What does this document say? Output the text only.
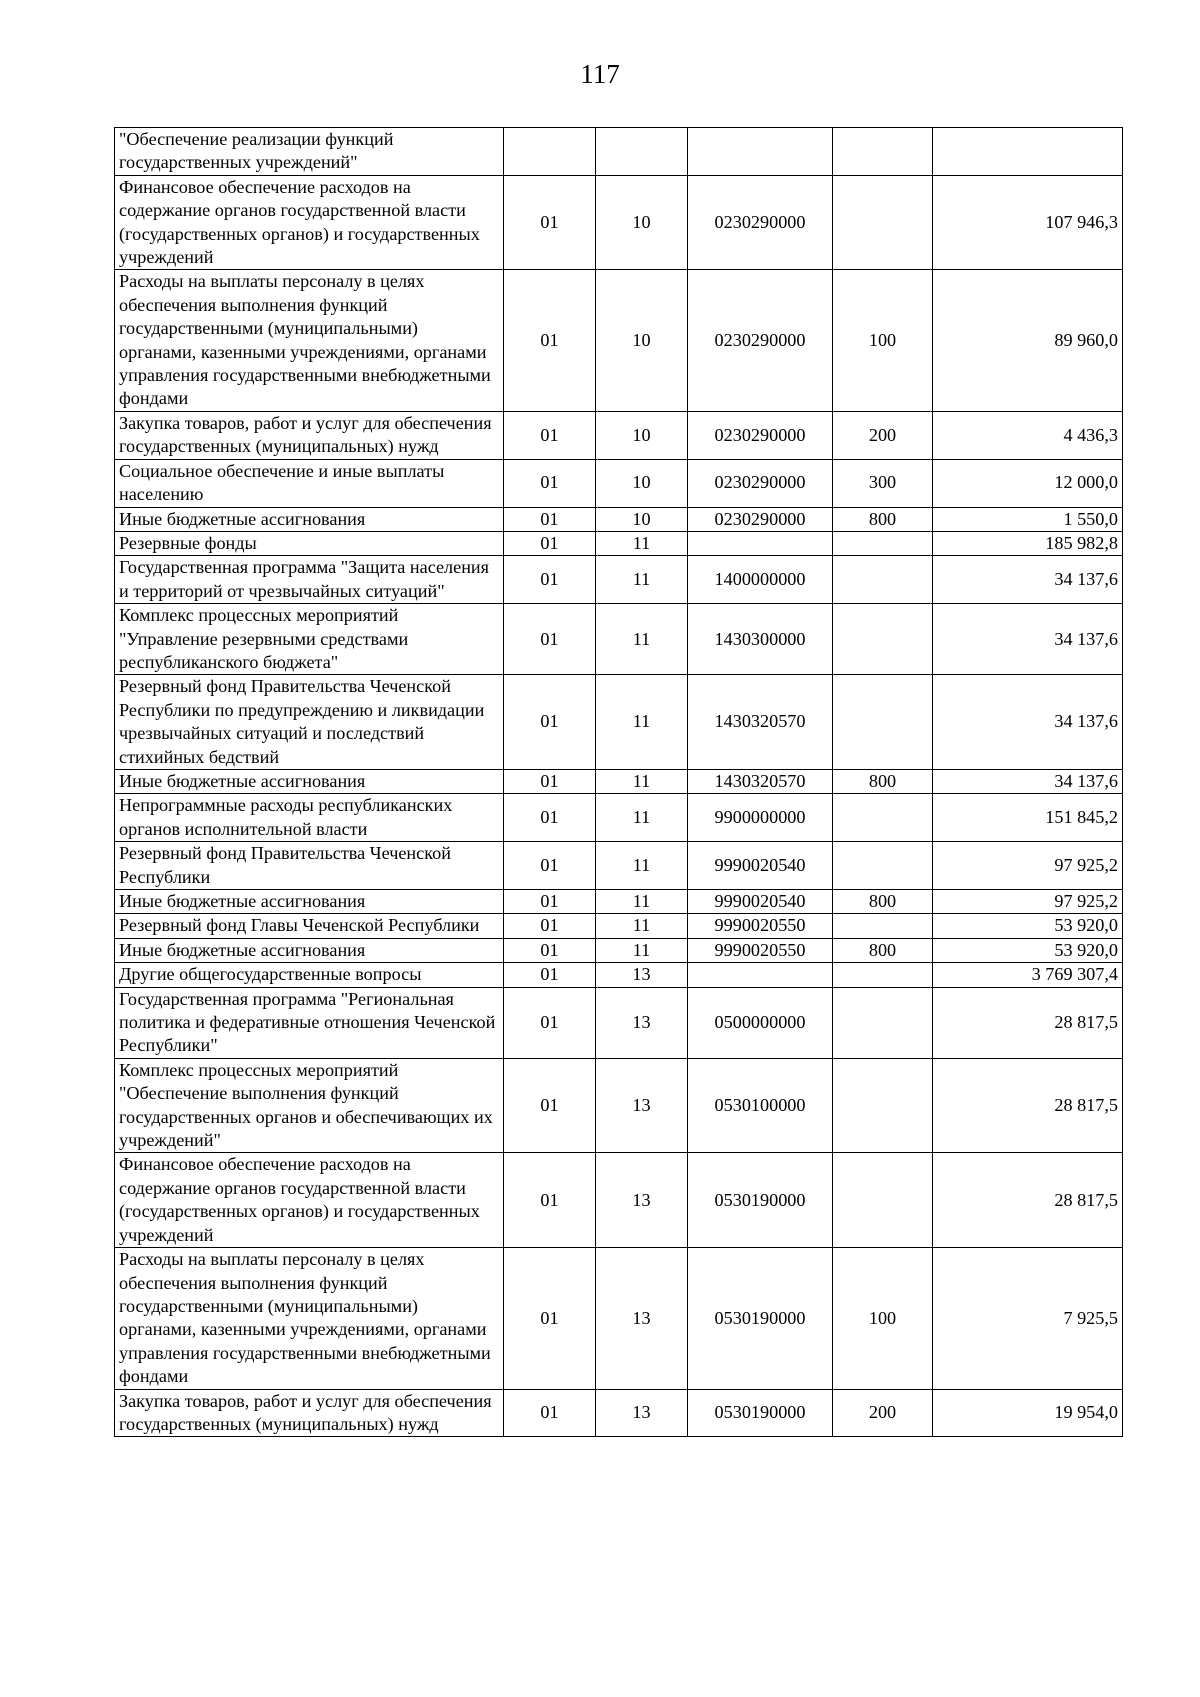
117
"Обеспечение реализации функций государственных учреждений"					
Финансовое обеспечение расходов на содержание органов государственной власти (государственных органов) и государственных учреждений	01	10	0230290000		107 946,3
Расходы на выплаты персоналу в целях обеспечения выполнения функций государственными (муниципальными) органами, казенными учреждениями, органами управления государственными внебюджетными фондами	01	10	0230290000	100	89 960,0
Закупка товаров, работ и услуг для обеспечения государственных (муниципальных) нужд	01	10	0230290000	200	4 436,3
Социальное обеспечение и иные выплаты населению	01	10	0230290000	300	12 000,0
Иные бюджетные ассигнования	01	10	0230290000	800	1 550,0
Резервные фонды	01	11			185 982,8
Государственная программа "Защита населения и территорий от чрезвычайных ситуаций"	01	11	1400000000		34 137,6
Комплекс процессных мероприятий "Управление резервными средствами республиканского бюджета"	01	11	1430300000		34 137,6
Резервный фонд Правительства Чеченской Республики по предупреждению и ликвидации чрезвычайных ситуаций и последствий стихийных бедствий	01	11	1430320570		34 137,6
Иные бюджетные ассигнования	01	11	1430320570	800	34 137,6
Непрограммные расходы республиканских органов исполнительной власти	01	11	9900000000		151 845,2
Резервный фонд Правительства Чеченской Республики	01	11	9990020540		97 925,2
Иные бюджетные ассигнования	01	11	9990020540	800	97 925,2
Резервный фонд Главы Чеченской Республики	01	11	9990020550		53 920,0
Иные бюджетные ассигнования	01	11	9990020550	800	53 920,0
Другие общегосударственные вопросы	01	13			3 769 307,4
Государственная программа "Региональная политика и федеративные отношения Чеченской Республики"	01	13	0500000000		28 817,5
Комплекс процессных мероприятий "Обеспечение выполнения функций государственных органов и обеспечивающих их учреждений"	01	13	0530100000		28 817,5
Финансовое обеспечение расходов на содержание органов государственной власти (государственных органов) и государственных учреждений	01	13	0530190000		28 817,5
Расходы на выплаты персоналу в целях обеспечения выполнения функций государственными (муниципальными) органами, казенными учреждениями, органами управления государственными внебюджетными фондами	01	13	0530190000	100	7 925,5
Закупка товаров, работ и услуг для обеспечения государственных (муниципальных) нужд	01	13	0530190000	200	19 954,0
